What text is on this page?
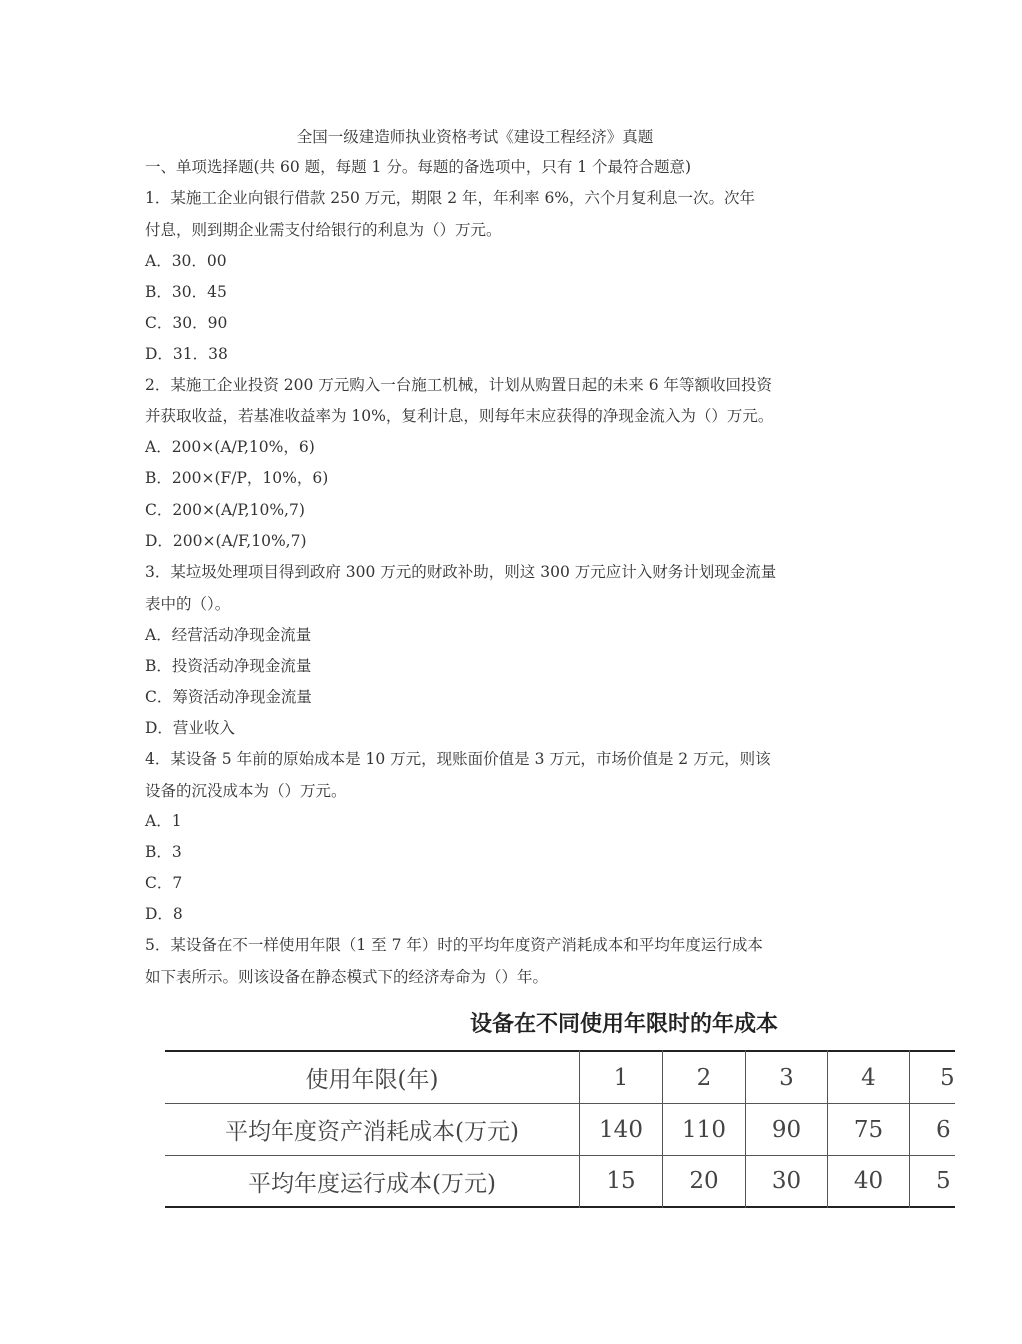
全国一级建造师执业资格考试《建设工程经济》真题
一、单项选择题(共 60 题，每题 1 分。每题的备选项中，只有 1 个最符合题意)
1．某施工企业向银行借款 250 万元，期限 2 年，年利率 6%，六个月复利息一次。次年
付息，则到期企业需支付给银行的利息为（）万元。
A．30．00
B．30．45
C．30．90
D．31．38
2．某施工企业投资 200 万元购入一台施工机械，计划从购置日起的未来 6 年等额收回投资
并获取收益，若基准收益率为 10%，复利计息，则每年末应获得的净现金流入为（）万元。
A．200×(A/P,10%，6)
B．200×(F/P，10%，6)
C．200×(A/P,10%,7)
D．200×(A/F,10%,7)
3．某垃圾处理项目得到政府 300 万元的财政补助，则这 300 万元应计入财务计划现金流量
表中的（）。
A．经营活动净现金流量
B．投资活动净现金流量
C．筹资活动净现金流量
D．营业收入
4．某设备 5 年前的原始成本是 10 万元，现账面价值是 3 万元，市场价值是 2 万元，则该
设备的沉没成本为（）万元。
A．1
B．3
C．7
D．8
5．某设备在不一样使用年限（1 至 7 年）时的平均年度资产消耗成本和平均年度运行成本
如下表所示。则该设备在静态模式下的经济寿命为（）年。
设备在不同使用年限时的年成本
使用年限(年)	1	2	3	4	5
平均年度资产消耗成本(万元)	140	110	90	75	6
平均年度运行成本(万元)	15	20	30	40	5
